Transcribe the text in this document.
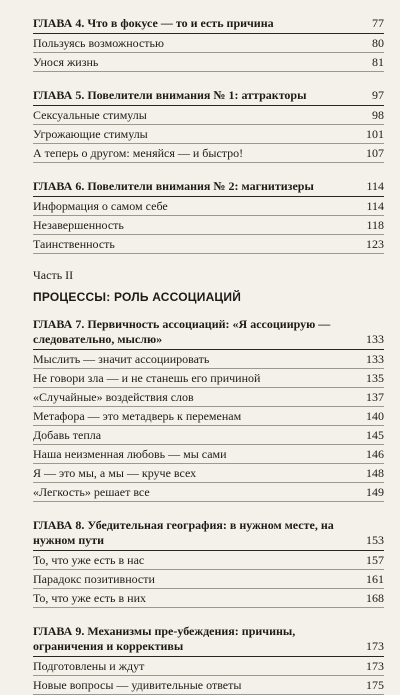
ГЛАВА 4. Что в фокусе — то и есть причина	77
Пользуясь возможностью	80
Унося жизнь	81
ГЛАВА 5. Повелители внимания № 1: аттракторы	97
Сексуальные стимулы	98
Угрожающие стимулы	101
А теперь о другом: меняйся — и быстро!	107
ГЛАВА 6. Повелители внимания № 2: магнитизеры	114
Информация о самом себе	114
Незавершенность	118
Таинственность	123
Часть II
ПРОЦЕССЫ: РОЛЬ АССОЦИАЦИЙ
ГЛАВА 7. Первичность ассоциаций: «Я ассоциирую — следовательно, мыслю»	133
Мыслить — значит ассоциировать	133
Не говори зла — и не станешь его причиной	135
«Случайные» воздействия слов	137
Метафора — это метадверь к переменам	140
Добавь тепла	145
Наша неизменная любовь — мы сами	146
Я — это мы, а мы — круче всех	148
«Легкость» решает все	149
ГЛАВА 8. Убедительная география: в нужном месте, на нужном пути	153
То, что уже есть в нас	157
Парадокс позитивности	161
То, что уже есть в них	168
ГЛАВА 9. Механизмы пре-убеждения: причины, ограничения и коррективы	173
Подготовлены и ждут	173
Новые вопросы — удивительные ответы	175
